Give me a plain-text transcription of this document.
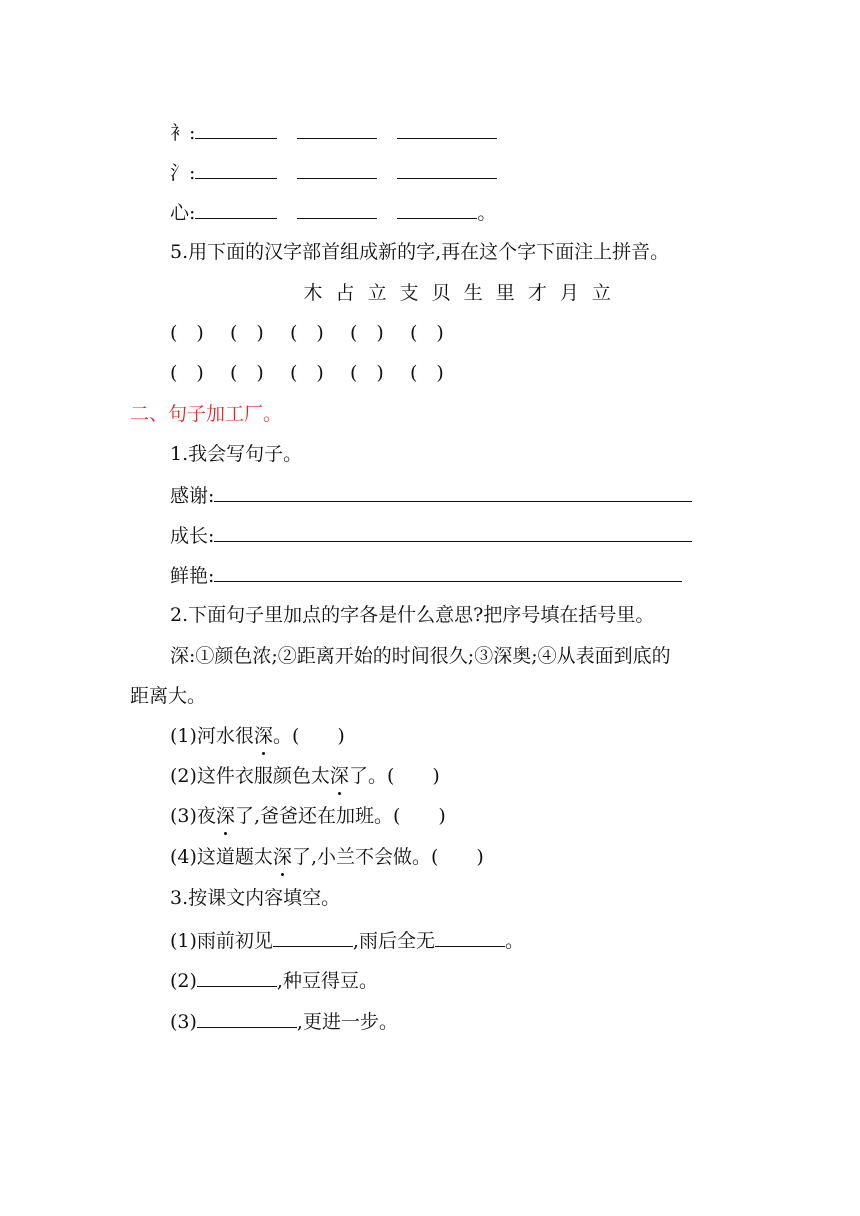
衤:
氵:
心:	。
5.用下面的汉字部首组成新的字,再在这个字下面注上拼音。
木 占 立 支 贝 生 里 才 月 立
(　) (　) (　) (　) (　)
(　) (　) (　) (　) (　)
二、句子加工厂。
1.我会写句子。
感谢:
成长:
鲜艳:
2.下面句子里加点的字各是什么意思?把序号填在括号里。
深:①颜色浓;②距离开始的时间很久;③深奥;④从表面到底的
距离大。
(1)河水很深。(　　)
(2)这件衣服颜色太深了。(　　)
(3)夜深了,爸爸还在加班。(　　)
(4)这道题太深了,小兰不会做。(　　)
3.按课文内容填空。
(1)雨前初见	,雨后全无	。
(2)	,种豆得豆。
(3)	,更进一步。
